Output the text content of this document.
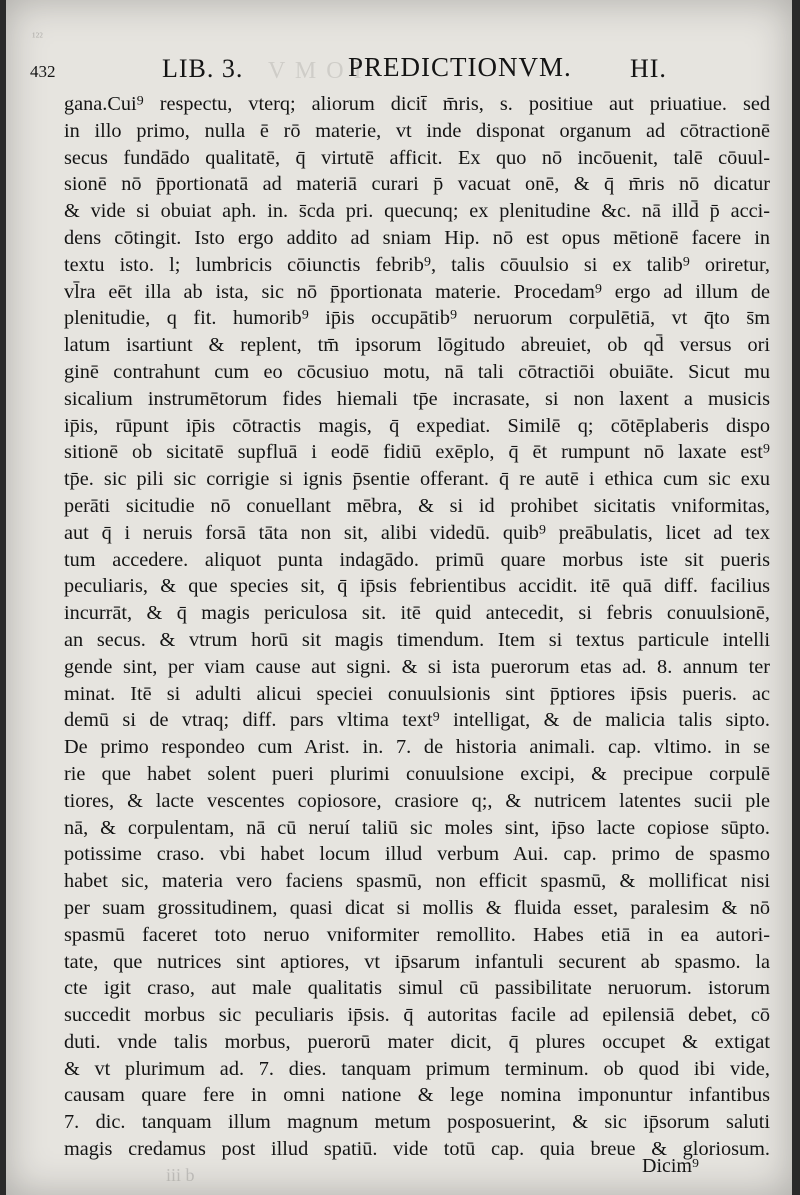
¹²²
432	LIB. 3. V M O I
PREDICTIONVM. HI.
gana.Cui⁹ respectu, vterq; aliorum dicit̄ m̄ris, s. positiue aut priuatiue. sed
in illo primo, nulla ē rō materie, vt inde disponat organum ad cōtractionē
secus fundādo qualitatē, q̄ virtutē afficit. Ex quo nō incōuenit, talē cōuul-
sionē nō p̄portionatā ad materiā curari p̄ vacuat onē, & q̄ m̄ris nō dicatur
& vide si obuiat aph. in. s̄cda pri. quecunq; ex plenitudine &c. nā illd̄ p̄ acci-
dens cōtingit. Isto ergo addito ad sniam Hip. nō est opus mētionē facere in
textu isto. l; lumbricis cōiunctis febrib⁹, talis cōuulsio si ex talib⁹ oriretur,
vl̄ra eēt illa ab ista, sic nō p̄portionata materie. Procedam⁹ ergo ad illum de
plenitudie, q fit. humorib⁹ ip̄is occupātib⁹ neruorum corpulētiā, vt q̄to s̄m
latum isartiunt & replent, tm̄ ipsorum lōgitudo abreuiet, ob qd̄ versus ori
ginē contrahunt cum eo cōcusiuo motu, nā tali cōtractiōi obuiāte. Sicut mu
sicalium instrumētorum fides hiemali tp̄e incrasate, si non laxent a musicis
ip̄is, rūpunt ip̄is cōtractis magis, q̄ expediat. Similē q; cōtēplaberis dispo
sitionē ob sicitatē supfluā i eodē fidiū exēplo, q̄ ēt rumpunt nō laxate est⁹
tp̄e. sic pili sic corrigie si ignis p̄sentie offerant. q̄ re autē i ethica cum sic exu
perāti sicitudie nō conuellant mēbra, & si id prohibet sicitatis vniformitas,
aut q̄ i neruis forsā tāta non sit, alibi videdū. quib⁹ preābulatis, licet ad tex
tum accedere. aliquot punta indagādo. primū quare morbus iste sit pueris
peculiaris, & que species sit, q̄ ip̄sis febrientibus accidit. itē quā diff. facilius
incurrāt, & q̄ magis periculosa sit. itē quid antecedit, si febris conuulsionē,
an secus. & vtrum horū sit magis timendum. Item si textus particule intelli
gende sint, per viam cause aut signi. & si ista puerorum etas ad. 8. annum ter
minat. Itē si adulti alicui speciei conuulsionis sint p̄ptiores ip̄sis pueris. ac
demū si de vtraq; diff. pars vltima text⁹ intelligat, & de malicia talis sipto.
De primo respondeo cum Arist. in. 7. de historia animali. cap. vltimo. in se
rie que habet solent pueri plurimi conuulsione excipi, & precipue corpulē
tiores, & lacte vescentes copiosore, crasiore q;, & nutricem latentes sucii ple
nā, & corpulentam, nā cū neruí taliū sic moles sint, ip̄so lacte copiose sūpto.
potissime craso. vbi habet locum illud verbum Aui. cap. primo de spasmo
habet sic, materia vero faciens spasmū, non efficit spasmū, & mollificat nisi
per suam grossitudinem, quasi dicat si mollis & fluida esset, paralesim & nō
spasmū faceret toto neruo vniformiter remollito. Habes etiā in ea autori-
tate, que nutrices sint aptiores, vt ip̄sarum infantuli securent ab spasmo. la
cte igit craso, aut male qualitatis simul cū passibilitate neruorum. istorum
succedit morbus sic peculiaris ip̄sis. q̄ autoritas facile ad epilensiā debet, cō
duti. vnde talis morbus, puerorū mater dicit, q̄ plures occupet & extigat
& vt plurimum ad. 7. dies. tanquam primum terminum. ob quod ibi vide,
causam quare fere in omni natione & lege nomina imponuntur infantibus
7. dic. tanquam illum magnum metum posposuerint, & sic ip̄sorum saluti
magis credamus post illud spatiū. vide totū cap. quia breue & gloriosum.
iii b	Dicim⁹
